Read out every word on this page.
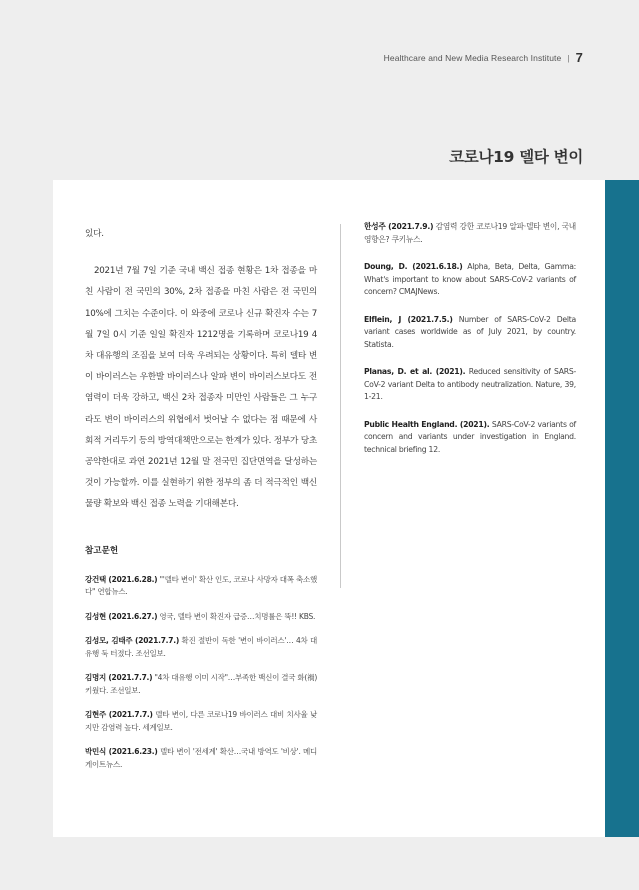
Healthcare and New Media Research Institute | 7
코로나19 델타 변이

있다.

2021년 7월 7일 기준 국내 백신 접종 현황은 1차 접종을 마친 사람이 전 국민의 30%, 2차 접종을 마친 사람은 전 국민의 10%에 그치는 수준이다. 이 와중에 코로나 신규 확진자 수는 7월 7일 0시 기준 일일 확진자 1212명을 기록하며 코로나19 4차 대유행의 조짐을 보여 더욱 우려되는 상황이다. 특히 델타 변이 바이러스는 우한발 바이러스나 알파 변이 바이러스보다도 전염력이 더욱 강하고, 백신 2차 접종자 미만인 사람들은 그 누구라도 변이 바이러스의 위협에서 벗어날 수 없다는 점 때문에 사회적 거리두기 등의 방역대책만으로는 한계가 있다. 정부가 당초 공약한대로 과연 2021년 12월 말 전국민 집단면역을 달성하는 것이 가능할까. 이를 실현하기 위한 정부의 좀 더 적극적인 백신 물량 확보와 백신 접종 노력을 기대해본다.

참고문헌
강건택 (2021.6.28.) "'델타 변이' 확산 인도, 코로나 사망자 대폭 축소했다" 연합뉴스.
김성현 (2021.6.27.) 영국, 델타 변이 확진자 급증…치명률은 뚝!! KBS.
김성모, 김태주 (2021.7.7.) 확진 절반이 독한 '변이 바이러스'… 4차 대유행 둑 터졌다. 조선일보.
김명지 (2021.7.7.) "4차 대유행 이미 시작"…부족한 백신이 결국 화(禍) 키웠다. 조선일보.
김현주 (2021.7.7.) 델타 변이, 다른 코로나19 바이러스 대비 치사율 낮지만 감염력 높다. 세계일보.
박민식 (2021.6.23.) 델타 변이 '전세계' 확산…국내 방역도 '비상'. 메디게이트뉴스.
한성주 (2021.7.9.) 감염력 강한 코로나19 알파·델타 변이, 국내 영향은? 쿠키뉴스.
Doung, D. (2021.6.18.) Alpha, Beta, Delta, Gamma: What's important to know about SARS-CoV-2 variants of concern? CMAJNews.
Elflein, J (2021.7.5.) Number of SARS-CoV-2 Delta variant cases worldwide as of July 2021, by country. Statista.
Planas, D. et al. (2021). Reduced sensitivity of SARS-CoV-2 variant Delta to antibody neutralization. Nature, 39, 1-21.
Public Health England. (2021). SARS-CoV-2 variants of concern and variants under investigation in England. technical briefing 12.
